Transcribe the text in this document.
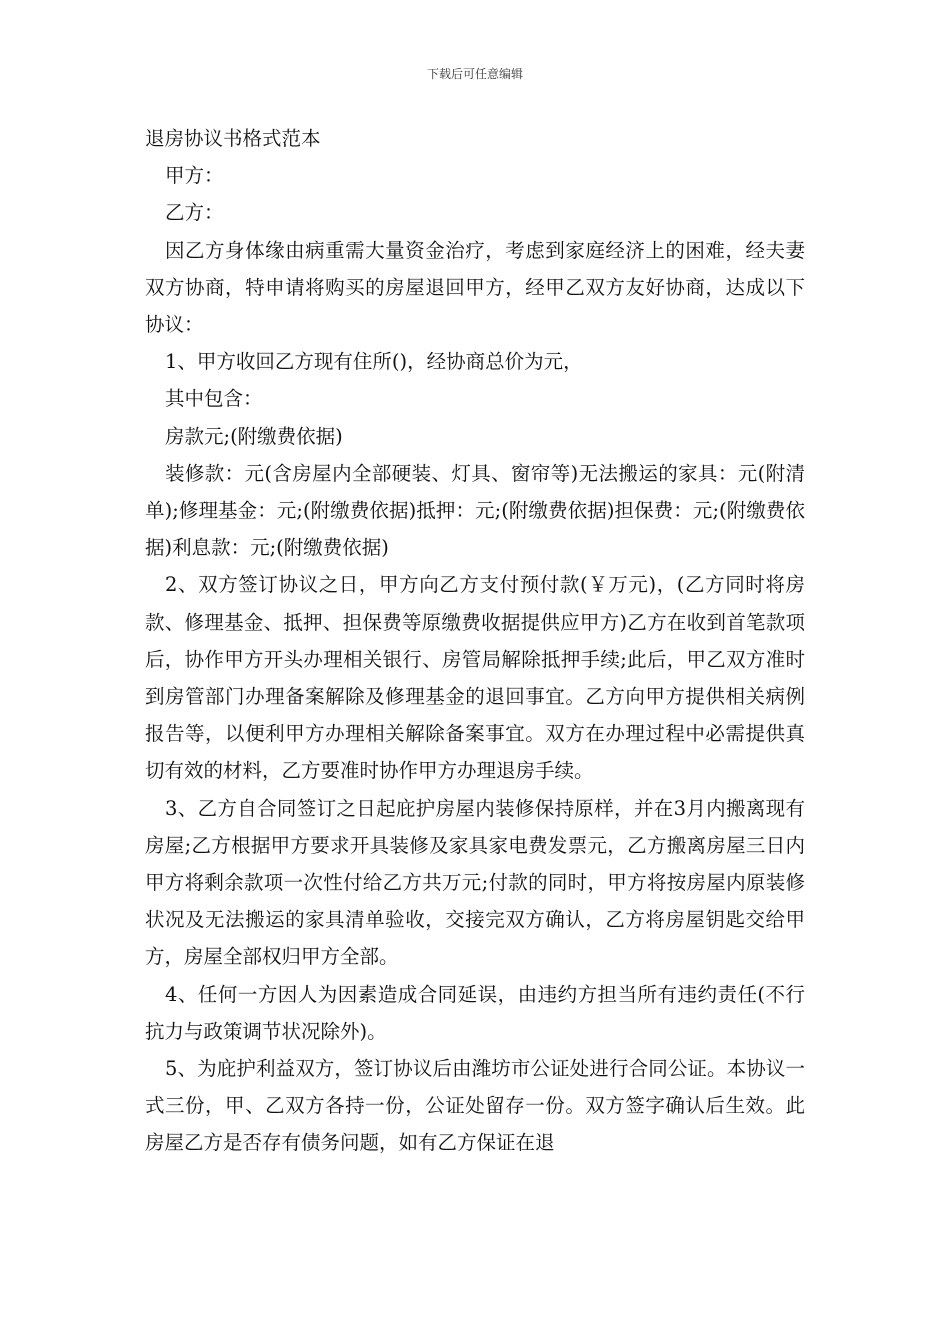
下载后可任意编辑

退房协议书格式范本

甲方：

乙方：

因乙方身体缘由病重需大量资金治疗，考虑到家庭经济上的困难，经夫妻双方协商，特申请将购买的房屋退回甲方，经甲乙双方友好协商，达成以下协议：

1、甲方收回乙方现有住所()，经协商总价为元，

其中包含：

房款元;(附缴费依据)

装修款：元(含房屋内全部硬装、灯具、窗帘等)无法搬运的家具：元(附清单);修理基金：元;(附缴费依据)抵押：元;(附缴费依据)担保费：元;(附缴费依据)利息款：元;(附缴费依据)

2、双方签订协议之日，甲方向乙方支付预付款(￥万元)，(乙方同时将房款、修理基金、抵押、担保费等原缴费收据提供应甲方)乙方在收到首笔款项后，协作甲方开头办理相关银行、房管局解除抵押手续;此后，甲乙双方准时到房管部门办理备案解除及修理基金的退回事宜。乙方向甲方提供相关病例报告等，以便利甲方办理相关解除备案事宜。双方在办理过程中必需提供真切有效的材料，乙方要准时协作甲方办理退房手续。

3、乙方自合同签订之日起庇护房屋内装修保持原样，并在3月内搬离现有房屋;乙方根据甲方要求开具装修及家具家电费发票元，乙方搬离房屋三日内甲方将剩余款项一次性付给乙方共万元;付款的同时，甲方将按房屋内原装修状况及无法搬运的家具清单验收，交接完双方确认，乙方将房屋钥匙交给甲方，房屋全部权归甲方全部。

4、任何一方因人为因素造成合同延误，由违约方担当所有违约责任(不行抗力与政策调节状况除外)。

5、为庇护利益双方，签订协议后由潍坊市公证处进行合同公证。本协议一式三份，甲、乙双方各持一份，公证处留存一份。双方签字确认后生效。此房屋乙方是否存有债务问题，如有乙方保证在退
